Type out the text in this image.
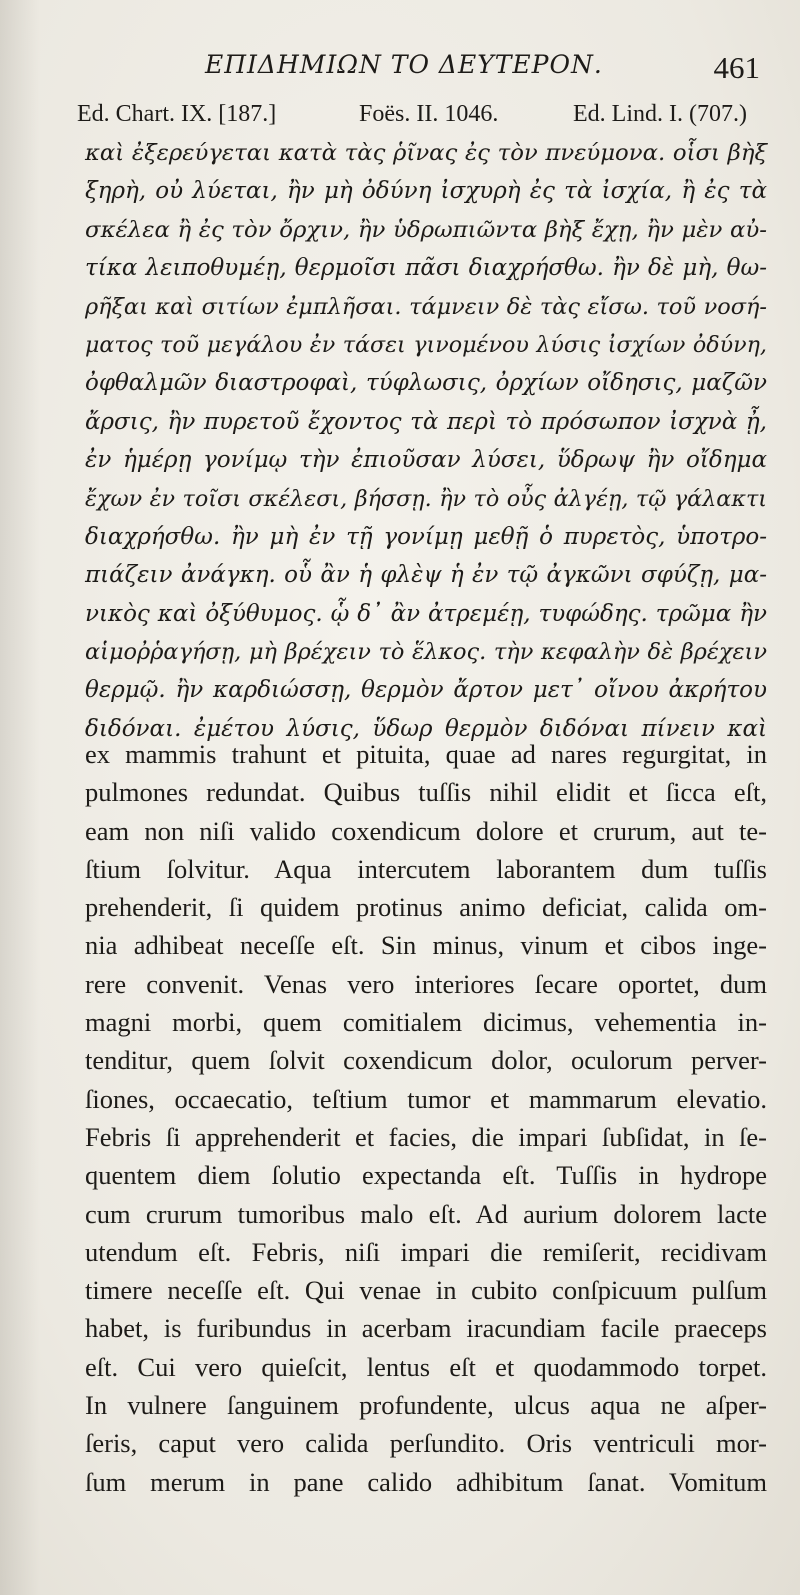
ΕΠΙΔΗΜΙΩΝ ΤΟ ΔΕΥΤΕΡΟΝ.	461
Ed. Chart. IX. [187.]	Foës. II. 1046.	Ed. Lind. I. (707.)
καὶ ἐξερεύγεται κατὰ τὰς ῥῖνας ἐς τὸν πνεύμονα. οἷσι βὴξ
ξηρὴ, οὐ λύεται, ἢν μὴ ὀδύνη ἰσχυρὴ ἐς τὰ ἰσχία, ἢ ἐς τὰ
σκέλεα ἢ ἐς τὸν ὄρχιν, ἢν ὑδρωπιῶντα βὴξ ἔχῃ, ἢν μὲν αὐ-
τίκα λειποθυμέῃ, θερμοῖσι πᾶσι διαχρήσθω. ἢν δὲ μὴ, θω-
ρῆξαι καὶ σιτίων ἐμπλῆσαι. τάμνειν δὲ τὰς εἴσω. τοῦ νοσή-
ματος τοῦ μεγάλου ἐν τάσει γινομένου λύσις ἰσχίων ὀδύνη,
ὀφθαλμῶν διαστροφαὶ, τύφλωσις, ὀρχίων οἴδησις, μαζῶν
ἄρσις, ἢν πυρετοῦ ἔχοντος τὰ περὶ τὸ πρόσωπον ἰσχνὰ ᾖ,
ἐν ἡμέρῃ γονίμῳ τὴν ἐπιοῦσαν λύσει, ὕδρωψ ἢν οἴδημα
ἔχων ἐν τοῖσι σκέλεσι, βήσσῃ. ἢν τὸ οὖς ἀλγέῃ, τῷ γάλακτι
διαχρήσθω. ἢν μὴ ἐν τῇ γονίμῃ μεθῇ ὁ πυρετὸς, ὑποτρο-
πιάζειν ἀνάγκη. οὗ ἂν ἡ φλὲψ ἡ ἐν τῷ ἀγκῶνι σφύζῃ, μα-
νικὸς καὶ ὀξύθυμος. ᾧ δ᾽ ἂν ἀτρεμέῃ, τυφώδης. τρῶμα ἢν
αἱμοῤῥαγήσῃ, μὴ βρέχειν τὸ ἕλκος. τὴν κεφαλὴν δὲ βρέχειν
θερμῷ. ἢν καρδιώσσῃ, θερμὸν ἄρτον μετ᾽ οἴνου ἀκρήτου
διδόναι. ἐμέτου λύσις, ὕδωρ θερμὸν διδόναι πίνειν καὶ
ex mammis trahunt et pituita, quae ad nares regurgitat, in
pulmones redundat. Quibus tuſſis nihil elidit et ſicca eſt,
eam non niſi valido coxendicum dolore et crurum, aut te-
ſtium ſolvitur. Aqua intercutem laborantem dum tuſſis
prehenderit, ſi quidem protinus animo deficiat, calida om-
nia adhibeat neceſſe eſt. Sin minus, vinum et cibos inge-
rere convenit. Venas vero interiores ſecare oportet, dum
magni morbi, quem comitialem dicimus, vehementia in-
tenditur, quem ſolvit coxendicum dolor, oculorum perver-
ſiones, occaecatio, teſtium tumor et mammarum elevatio.
Febris ſi apprehenderit et facies, die impari ſubſidat, in ſe-
quentem diem ſolutio expectanda eſt. Tuſſis in hydrope
cum crurum tumoribus malo eſt. Ad aurium dolorem lacte
utendum eſt. Febris, niſi impari die remiſerit, recidivam
timere neceſſe eſt. Qui venae in cubito conſpicuum pulſum
habet, is furibundus in acerbam iracundiam facile praeceps
eſt. Cui vero quieſcit, lentus eſt et quodammodo torpet.
In vulnere ſanguinem profundente, ulcus aqua ne aſper-
ſeris, caput vero calida perſundito. Oris ventriculi mor-
ſum merum in pane calido adhibitum ſanat. Vomitum
